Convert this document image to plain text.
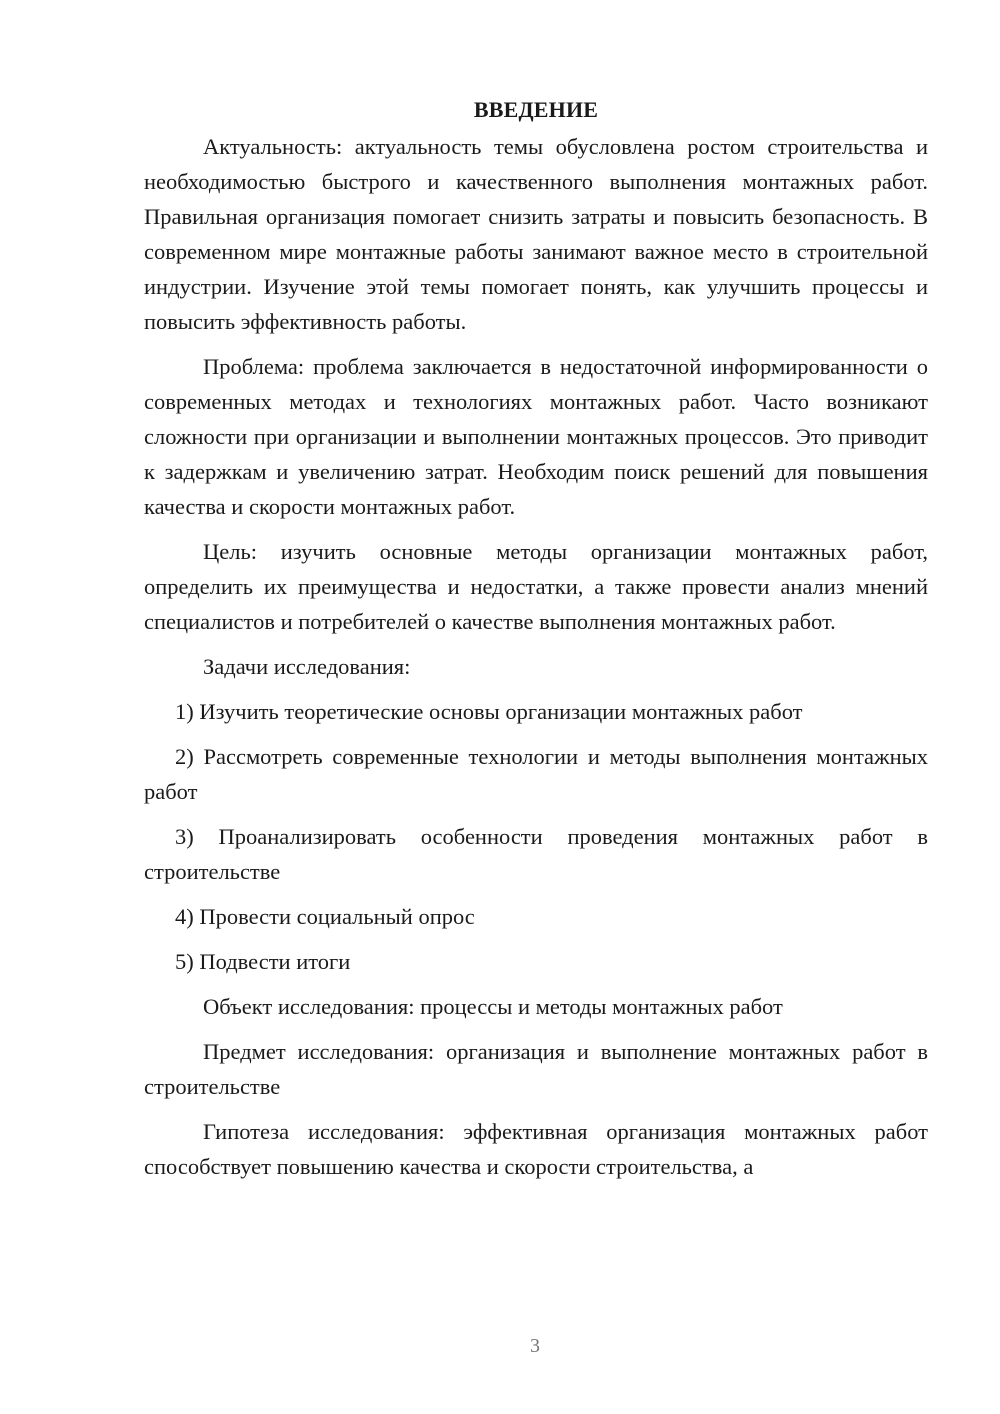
ВВЕДЕНИЕ

Актуальность: актуальность темы обусловлена ростом строительства и необходимостью быстрого и качественного выполнения монтажных работ. Правильная организация помогает снизить затраты и повысить безопасность. В современном мире монтажные работы занимают важное место в строительной индустрии. Изучение этой темы помогает понять, как улучшить процессы и повысить эффективность работы.

Проблема: проблема заключается в недостаточной информированности о современных методах и технологиях монтажных работ. Часто возникают сложности при организации и выполнении монтажных процессов. Это приводит к задержкам и увеличению затрат. Необходим поиск решений для повышения качества и скорости монтажных работ.

Цель: изучить основные методы организации монтажных работ, определить их преимущества и недостатки, а также провести анализ мнений специалистов и потребителей о качестве выполнения монтажных работ.

Задачи исследования:

1) Изучить теоретические основы организации монтажных работ

2) Рассмотреть современные технологии и методы выполнения монтажных работ

3) Проанализировать особенности проведения монтажных работ в строительстве

4) Провести социальный опрос

5) Подвести итоги

Объект исследования: процессы и методы монтажных работ

Предмет исследования: организация и выполнение монтажных работ в строительстве

Гипотеза исследования: эффективная организация монтажных работ способствует повышению качества и скорости строительства, а

3
